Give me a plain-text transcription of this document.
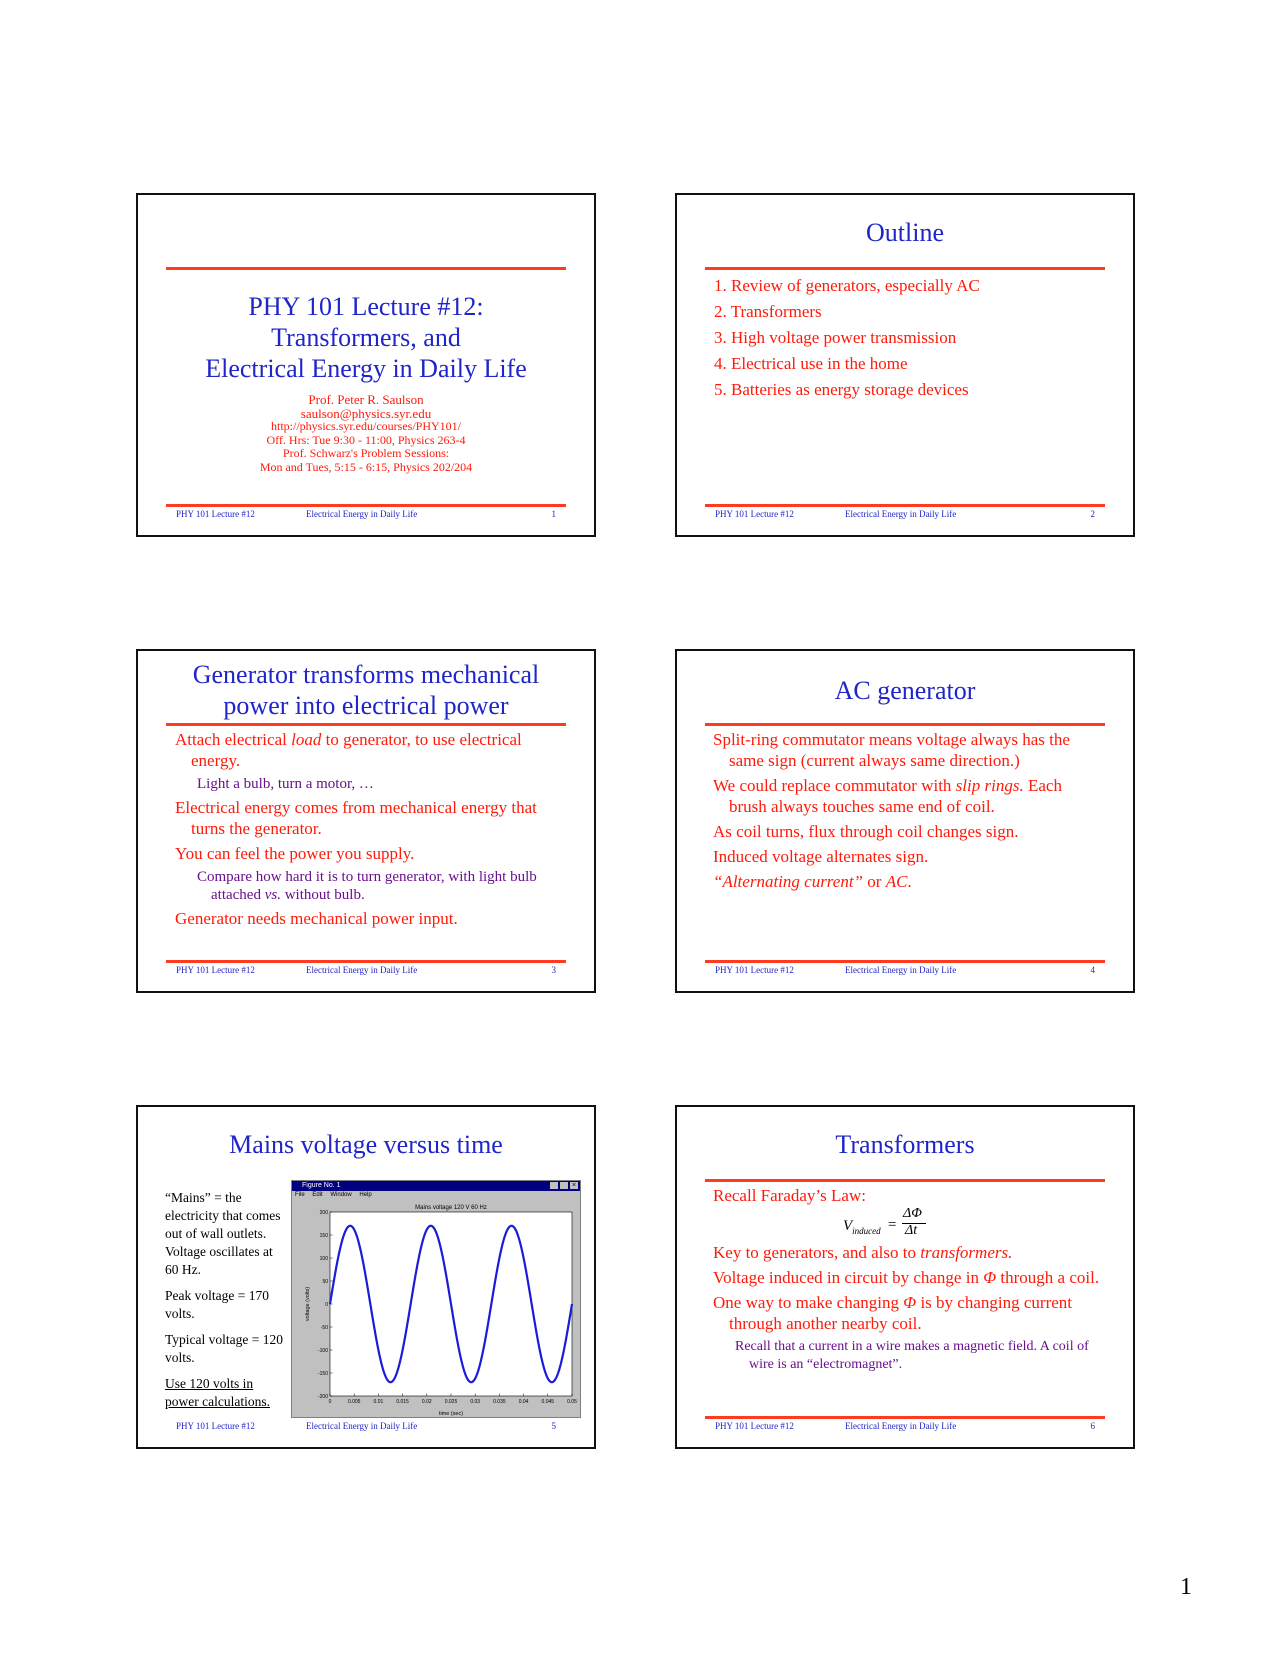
PHY 101 Lecture #12:
Transformers, and
Electrical Energy in Daily Life
Prof. Peter R. Saulson
saulson@physics.syr.edu
http://physics.syr.edu/courses/PHY101/
Off. Hrs: Tue 9:30 - 11:00, Physics 263-4
Prof. Schwarz's Problem Sessions:
Mon and Tues, 5:15 - 6:15, Physics 202/204
PHY 101 Lecture #12	Electrical Energy in Daily Life	1
Outline
1. Review of generators, especially AC
2. Transformers
3. High voltage power transmission
4. Electrical use in the home
5. Batteries as energy storage devices
PHY 101 Lecture #12	Electrical Energy in Daily Life	2
Generator transforms mechanical
power into electrical power
Attach electrical load to generator, to use electrical energy.
Light a bulb, turn a motor, …
Electrical energy comes from mechanical energy that turns the generator.
You can feel the power you supply.
Compare how hard it is to turn generator, with light bulb attached vs. without bulb.
Generator needs mechanical power input.
PHY 101 Lecture #12	Electrical Energy in Daily Life	3
AC generator
Split-ring commutator means voltage always has the same sign (current always same direction.)
We could replace commutator with slip rings. Each brush always touches same end of coil.
As coil turns, flux through coil changes sign.
Induced voltage alternates sign.
“Alternating current” or AC.
PHY 101 Lecture #12	Electrical Energy in Daily Life	4
Mains voltage versus time
“Mains” = the electricity that comes out of wall outlets. Voltage oscillates at 60 Hz.
Peak voltage = 170 volts.
Typical voltage = 120 volts.
Use 120 volts in power calculations.
Figure No. 1	×
File Edit Window Help
Mains voltage 120 V 60 Hz
time (sec)
voltage (volts)
0	0.005	0.01	0.015	0.02	0.025	0.03	0.035	0.04	0.045	0.05
200
150
100
50
0
-50
-100
-150
-200
PHY 101 Lecture #12	Electrical Energy in Daily Life	5
Transformers
Recall Faraday’s Law:
$V_{induced}$ =
ΔΦ
Δt
Key to generators, and also to transformers.
Voltage induced in circuit by change in Φ through a coil.
One way to make changing Φ is by changing current through another nearby coil.
Recall that a current in a wire makes a magnetic field. A coil of wire is an “electromagnet”.
PHY 101 Lecture #12	Electrical Energy in Daily Life	6
1
